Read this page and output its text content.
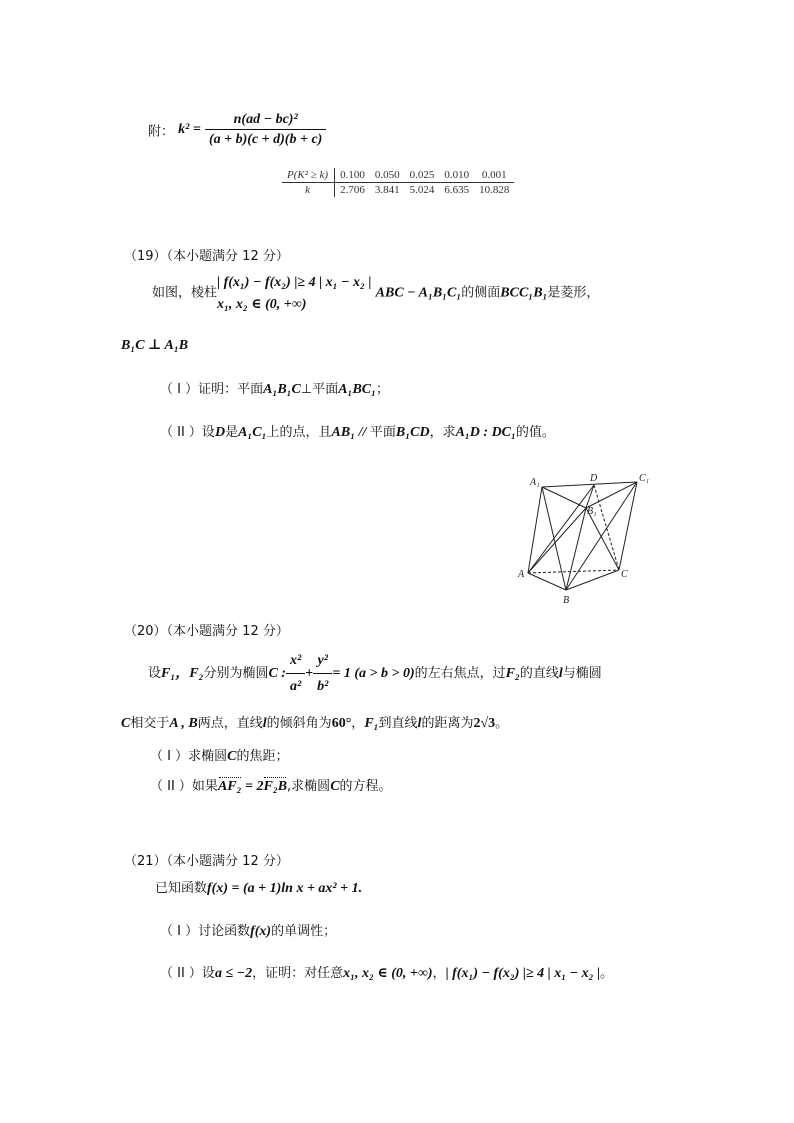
附： $k^2 = \frac{\text{n(ad − bc)²}}{(a + b)(c + d)(b + c)}$
P(K² ≥ k)	0.100	0.050	0.025	0.010	0.001
k	2.706	3.841	5.024	6.635	10.828
（19）（本小题满分 12 分）
如图，棱柱
| f(x₁) − f(x₂) |≥ 4 | x₁ − x₂ |
x₁, x₂ ∈ (0, +∞)
ABC − A₁B₁C₁的侧面BCC₁B₁是菱形，
B₁C ⊥ A₁B
（ I ）证明：平面A₁B₁C⊥平面A₁BC₁；
（ II ）设D是A₁C₁上的点，且AB₁ // 平面B₁CD，求A₁D : DC₁的值。
A₁	D	C₁
B₁
A	C
B
（20）（本小题满分 12 分）
设F₁，F₂分别为椭圆C : $\frac{\text{x²}}{\text{a²}} + \frac{\text{y²}}{\text{b²}} = 1$ (a > b > 0)的左右焦点，过F₂的直线l与椭圆
C相交于A , B两点，直线l的倾斜角为60°，F₁到直线l的距离为2√3。
（ I ）求椭圆C的焦距；
（ II ）如果AF₂ = 2F₂B,求椭圆C的方程。
（21）（本小题满分 12 分）
已知函数f(x) = (a + 1)ln x + ax² + 1.
（ I ）讨论函数f(x)的单调性；
（ II ）设a ≤ −2，证明：对任意x₁, x₂ ∈ (0, +∞)，| f(x₁) − f(x₂) |≥ 4 | x₁ − x₂ |。
